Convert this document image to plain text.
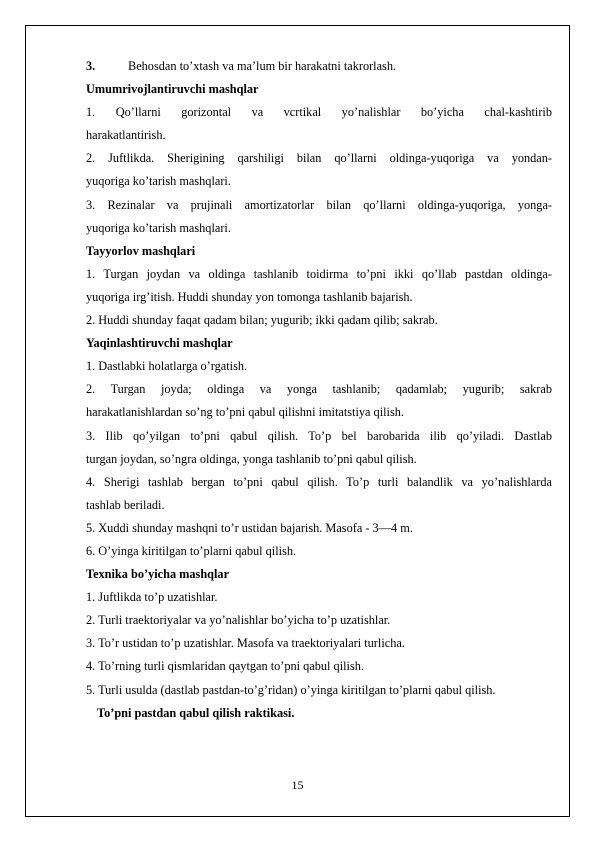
3.	Behosdan to’xtash va ma’lum bir harakatni takrorlash.
Umumrivojlantiruvchi mashqlar
1. Qo’llarni gorizontal va vcrtikal yo’nalishlar bo’yicha chal-kashtirib
harakatlantirish.
2. Juftlikda. Sherigining qarshiligi bilan qo’llarni oldinga-yuqoriga va yondan-
yuqoriga ko’tarish mashqlari.
3. Rezinalar va prujinali amortizatorlar bilan qo’llarni oldinga-yuqoriga, yonga-
yuqoriga ko’tarish mashqlari.
Tayyorlov mashqlari
1. Turgan joydan va oldinga tashlanib toidirma to’pni ikki qo’llab pastdan oldinga-
yuqoriga irg’itish. Huddi shunday yon tomonga tashlanib bajarish.
2. Huddi shunday faqat qadam bilan; yugurib; ikki qadam qilib; sakrab.
Yaqinlashtiruvchi mashqlar
1. Dastlabki holatlarga o’rgatish.
2. Turgan joyda; oldinga va yonga tashlanib; qadamlab; yugurib; sakrab
harakatlanishlardan so’ng to’pni qabul qilishni imitatstiya qilish.
3. Ilib qo’yilgan to’pni qabul qilish. To’p bel barobarida ilib qo’yiladi. Dastlab
turgan joydan, so’ngra oldinga, yonga tashlanib to’pni qabul qilish.
4. Sherigi tashlab bergan to’pni qabul qilish. To’p turli balandlik va yo’nalishlarda
tashlab beriladi.
5. Xuddi shunday mashqni to’r ustidan bajarish. Masofa - 3—4 m.
6. O’yinga kiritilgan to’plarni qabul qilish.
Texnika bo’yicha mashqlar
1. Juftlikda to’p uzatishlar.
2. Turli traektoriyalar va yo’nalishlar bo’yicha to’p uzatishlar.
3. To’r ustidan to’p uzatishlar. Masofa va traektoriyalari turlicha.
4. To’rning turli qismlaridan qaytgan to’pni qabul qilish.
5. Turli usulda (dastlab pastdan-to’g’ridan) o’yinga kiritilgan to’plarni qabul qilish.
To’pni pastdan qabul qilish raktikasi.
15
